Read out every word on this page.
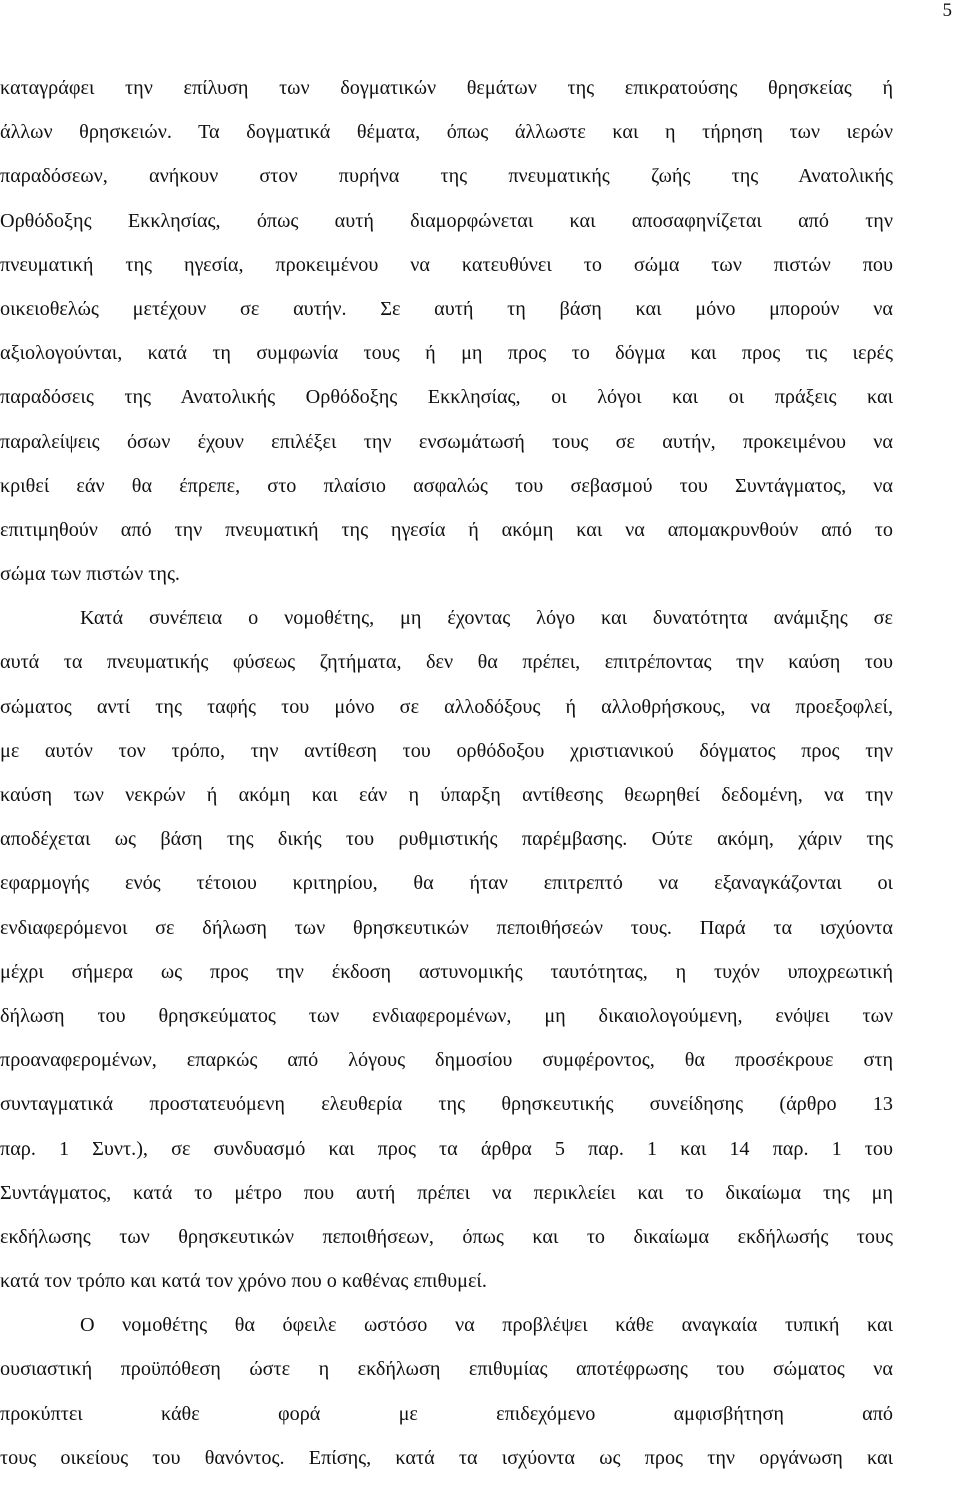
5
καταγράφει την επίλυση των δογματικών θεμάτων της επικρατούσης θρησκείας ή
άλλων θρησκειών. Τα δογματικά θέματα, όπως άλλωστε και η τήρηση των ιερών
παραδόσεων, ανήκουν στον πυρήνα της πνευματικής ζωής της Ανατολικής
Ορθόδοξης Εκκλησίας, όπως αυτή διαμορφώνεται και αποσαφηνίζεται από την
πνευματική της ηγεσία, προκειμένου να κατευθύνει το σώμα των πιστών που
οικειοθελώς μετέχουν σε αυτήν. Σε αυτή τη βάση και μόνο μπορούν να
αξιολογούνται, κατά τη συμφωνία τους ή μη προς το δόγμα και προς τις ιερές
παραδόσεις της Ανατολικής Ορθόδοξης Εκκλησίας, οι λόγοι και οι πράξεις και
παραλείψεις όσων έχουν επιλέξει την ενσωμάτωσή τους σε αυτήν, προκειμένου να
κριθεί εάν θα έπρεπε, στο πλαίσιο ασφαλώς του σεβασμού του Συντάγματος, να
επιτιμηθούν από την πνευματική της ηγεσία ή ακόμη και να απομακρυνθούν από το
σώμα των πιστών της.
Κατά συνέπεια ο νομοθέτης, μη έχοντας λόγο και δυνατότητα ανάμιξης σε
αυτά τα πνευματικής φύσεως ζητήματα, δεν θα πρέπει, επιτρέποντας την καύση του
σώματος αντί της ταφής του μόνο σε αλλοδόξους ή αλλοθρήσκους, να προεξοφλεί,
με αυτόν τον τρόπο, την αντίθεση του ορθόδοξου χριστιανικού δόγματος προς την
καύση των νεκρών ή ακόμη και εάν η ύπαρξη αντίθεσης θεωρηθεί δεδομένη, να την
αποδέχεται ως βάση της δικής του ρυθμιστικής παρέμβασης. Ούτε ακόμη, χάριν της
εφαρμογής ενός τέτοιου κριτηρίου, θα ήταν επιτρεπτό να εξαναγκάζονται οι
ενδιαφερόμενοι σε δήλωση των θρησκευτικών πεποιθήσεών τους. Παρά τα ισχύοντα
μέχρι σήμερα ως προς την έκδοση αστυνομικής ταυτότητας, η τυχόν υποχρεωτική
δήλωση του θρησκεύματος των ενδιαφερομένων, μη δικαιολογούμενη, ενόψει των
προαναφερομένων, επαρκώς από λόγους δημοσίου συμφέροντος, θα προσέκρουε στη
συνταγματικά προστατευόμενη ελευθερία της θρησκευτικής συνείδησης (άρθρο 13
παρ. 1 Συντ.), σε συνδυασμό και προς τα άρθρα 5 παρ. 1 και 14 παρ. 1 του
Συντάγματος, κατά το μέτρο που αυτή πρέπει να περικλείει και το δικαίωμα της μη
εκδήλωσης των θρησκευτικών πεποιθήσεων, όπως και το δικαίωμα εκδήλωσής τους
κατά τον τρόπο και κατά τον χρόνο που ο καθένας επιθυμεί.
Ο νομοθέτης θα όφειλε ωστόσο να προβλέψει κάθε αναγκαία τυπική και
ουσιαστική προϋπόθεση ώστε η εκδήλωση επιθυμίας αποτέφρωσης του σώματος να
προκύπτει κάθε φορά με επιδεχόμενο αμφισβήτηση από
τους οικείους του θανόντος. Επίσης, κατά τα ισχύοντα ως προς την οργάνωση και
